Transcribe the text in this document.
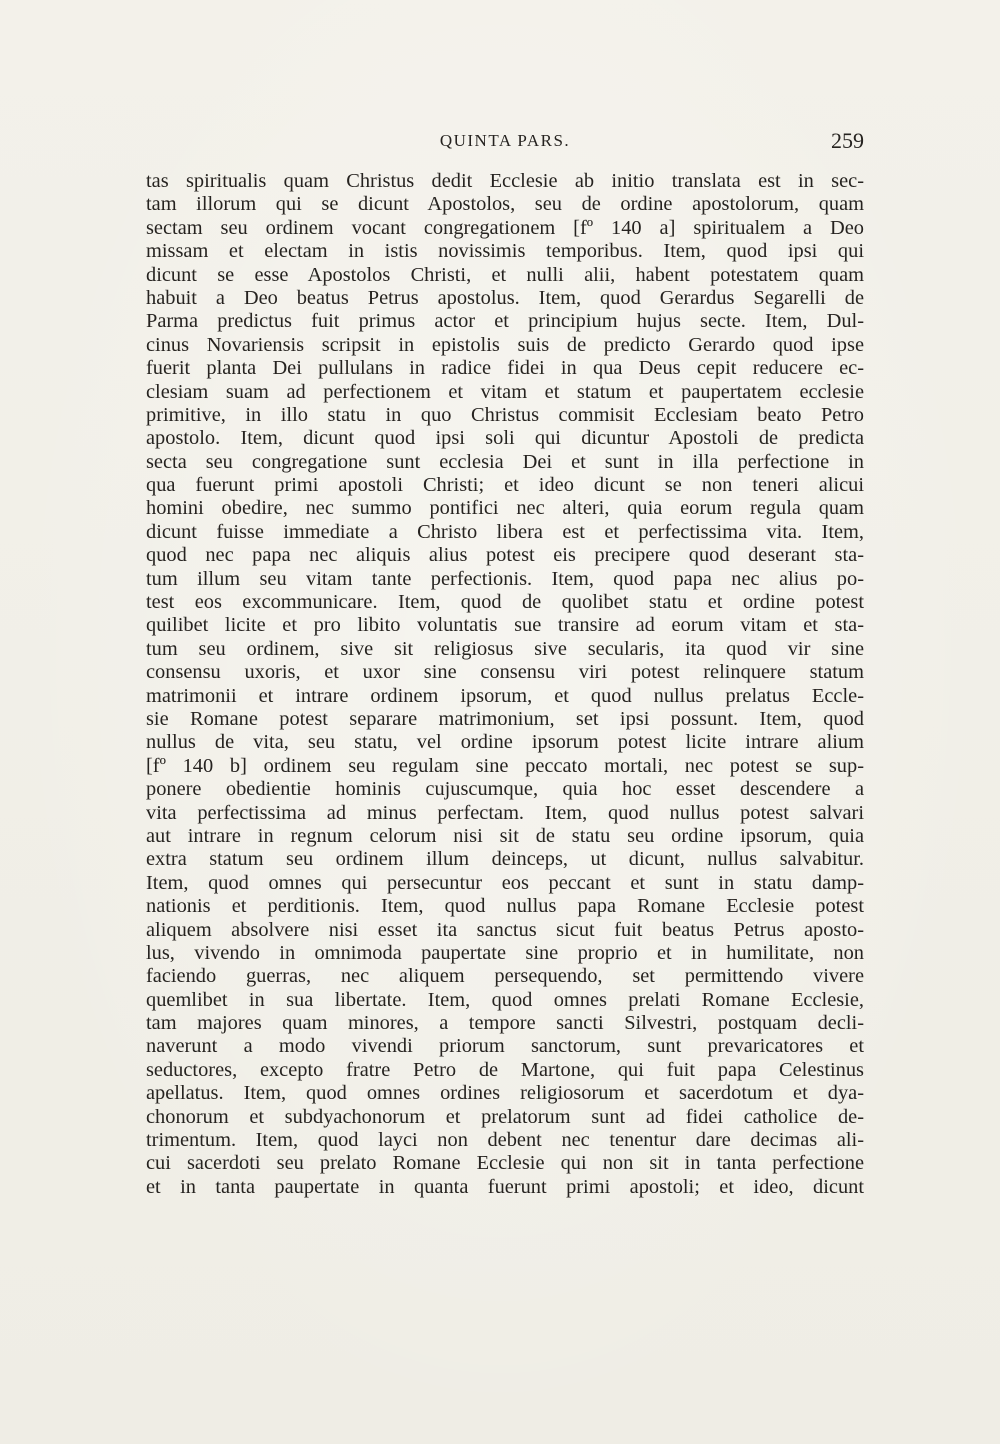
QUINTA PARS.	259
tas spiritualis quam Christus dedit Ecclesie ab initio translata est in sec-
tam illorum qui se dicunt Apostolos, seu de ordine apostolorum, quam
sectam seu ordinem vocant congregationem [fº 140 a] spiritualem a Deo
missam et electam in istis novissimis temporibus. Item, quod ipsi qui
dicunt se esse Apostolos Christi, et nulli alii, habent potestatem quam
habuit a Deo beatus Petrus apostolus. Item, quod Gerardus Segarelli de
Parma predictus fuit primus actor et principium hujus secte. Item, Dul-
cinus Novariensis scripsit in epistolis suis de predicto Gerardo quod ipse
fuerit planta Dei pullulans in radice fidei in qua Deus cepit reducere ec-
clesiam suam ad perfectionem et vitam et statum et paupertatem ecclesie
primitive, in illo statu in quo Christus commisit Ecclesiam beato Petro
apostolo. Item, dicunt quod ipsi soli qui dicuntur Apostoli de predicta
secta seu congregatione sunt ecclesia Dei et sunt in illa perfectione in
qua fuerunt primi apostoli Christi; et ideo dicunt se non teneri alicui
homini obedire, nec summo pontifici nec alteri, quia eorum regula quam
dicunt fuisse immediate a Christo libera est et perfectissima vita. Item,
quod nec papa nec aliquis alius potest eis precipere quod deserant sta-
tum illum seu vitam tante perfectionis. Item, quod papa nec alius po-
test eos excommunicare. Item, quod de quolibet statu et ordine potest
quilibet licite et pro libito voluntatis sue transire ad eorum vitam et sta-
tum seu ordinem, sive sit religiosus sive secularis, ita quod vir sine
consensu uxoris, et uxor sine consensu viri potest relinquere statum
matrimonii et intrare ordinem ipsorum, et quod nullus prelatus Eccle-
sie Romane potest separare matrimonium, set ipsi possunt. Item, quod
nullus de vita, seu statu, vel ordine ipsorum potest licite intrare alium
[fº 140 b] ordinem seu regulam sine peccato mortali, nec potest se sup-
ponere obedientie hominis cujuscumque, quia hoc esset descendere a
vita perfectissima ad minus perfectam. Item, quod nullus potest salvari
aut intrare in regnum celorum nisi sit de statu seu ordine ipsorum, quia
extra statum seu ordinem illum deinceps, ut dicunt, nullus salvabitur.
Item, quod omnes qui persecuntur eos peccant et sunt in statu damp-
nationis et perditionis. Item, quod nullus papa Romane Ecclesie potest
aliquem absolvere nisi esset ita sanctus sicut fuit beatus Petrus aposto-
lus, vivendo in omnimoda paupertate sine proprio et in humilitate, non
faciendo guerras, nec aliquem persequendo, set permittendo vivere
quemlibet in sua libertate. Item, quod omnes prelati Romane Ecclesie,
tam majores quam minores, a tempore sancti Silvestri, postquam decli-
naverunt a modo vivendi priorum sanctorum, sunt prevaricatores et
seductores, excepto fratre Petro de Martone, qui fuit papa Celestinus
apellatus. Item, quod omnes ordines religiosorum et sacerdotum et dya-
chonorum et subdyachonorum et prelatorum sunt ad fidei catholice de-
trimentum. Item, quod layci non debent nec tenentur dare decimas ali-
cui sacerdoti seu prelato Romane Ecclesie qui non sit in tanta perfectione
et in tanta paupertate in quanta fuerunt primi apostoli; et ideo, dicunt
